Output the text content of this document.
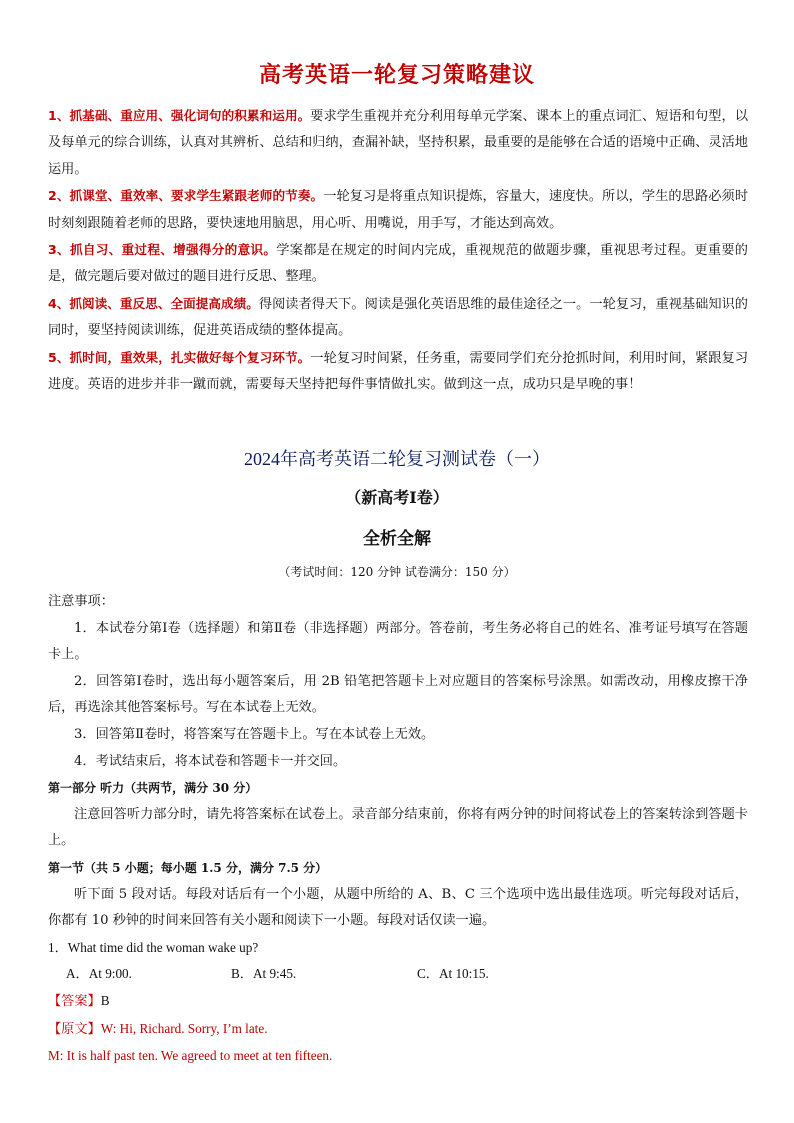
高考英语一轮复习策略建议

1、抓基础、重应用、强化词句的积累和运用。要求学生重视并充分利用每单元学案、课本上的重点词汇、短语和句型，以及每单元的综合训练，认真对其辨析、总结和归纳，查漏补缺，坚持积累，最重要的是能够在合适的语境中正确、灵活地运用。

2、抓课堂、重效率、要求学生紧跟老师的节奏。一轮复习是将重点知识提炼，容量大，速度快。所以，学生的思路必须时时刻刻跟随着老师的思路，要快速地用脑思，用心听、用嘴说，用手写，才能达到高效。

3、抓自习、重过程、增强得分的意识。学案都是在规定的时间内完成，重视规范的做题步骤，重视思考过程。更重要的是，做完题后要对做过的题目进行反思、整理。

4、抓阅读、重反思、全面提高成绩。得阅读者得天下。阅读是强化英语思维的最佳途径之一。一轮复习，重视基础知识的同时，要坚持阅读训练，促进英语成绩的整体提高。

5、抓时间，重效果，扎实做好每个复习环节。一轮复习时间紧，任务重，需要同学们充分抢抓时间，利用时间，紧跟复习进度。英语的进步并非一蹴而就，需要每天坚持把每件事情做扎实。做到这一点，成功只是早晚的事！

2024年高考英语二轮复习测试卷（一）
（新高考Ⅰ卷）
全析全解
（考试时间：120 分钟 试卷满分：150 分）

注意事项：

1．本试卷分第Ⅰ卷（选择题）和第Ⅱ卷（非选择题）两部分。答卷前，考生务必将自己的姓名、准考证号填写在答题卡上。

2．回答第Ⅰ卷时，选出每小题答案后，用 2B 铅笔把答题卡上对应题目的答案标号涂黑。如需改动，用橡皮擦干净后，再选涂其他答案标号。写在本试卷上无效。

3．回答第Ⅱ卷时，将答案写在答题卡上。写在本试卷上无效。

4．考试结束后，将本试卷和答题卡一并交回。

第一部分 听力（共两节，满分 30 分）

注意回答听力部分时，请先将答案标在试卷上。录音部分结束前，你将有两分钟的时间将试卷上的答案转涂到答题卡上。

第一节（共 5 小题；每小题 1.5 分，满分 7.5 分）

听下面 5 段对话。每段对话后有一个小题，从题中所给的 A、B、C 三个选项中选出最佳选项。听完每段对话后，你都有 10 秒钟的时间来回答有关小题和阅读下一小题。每段对话仅读一遍。

1．What time did the woman wake up?

A．At 9:00.	B．At 9:45.	C．At 10:15.

【答案】B

【原文】W: Hi, Richard. Sorry, I’m late.

M: It is half past ten. We agreed to meet at ten fifteen.
